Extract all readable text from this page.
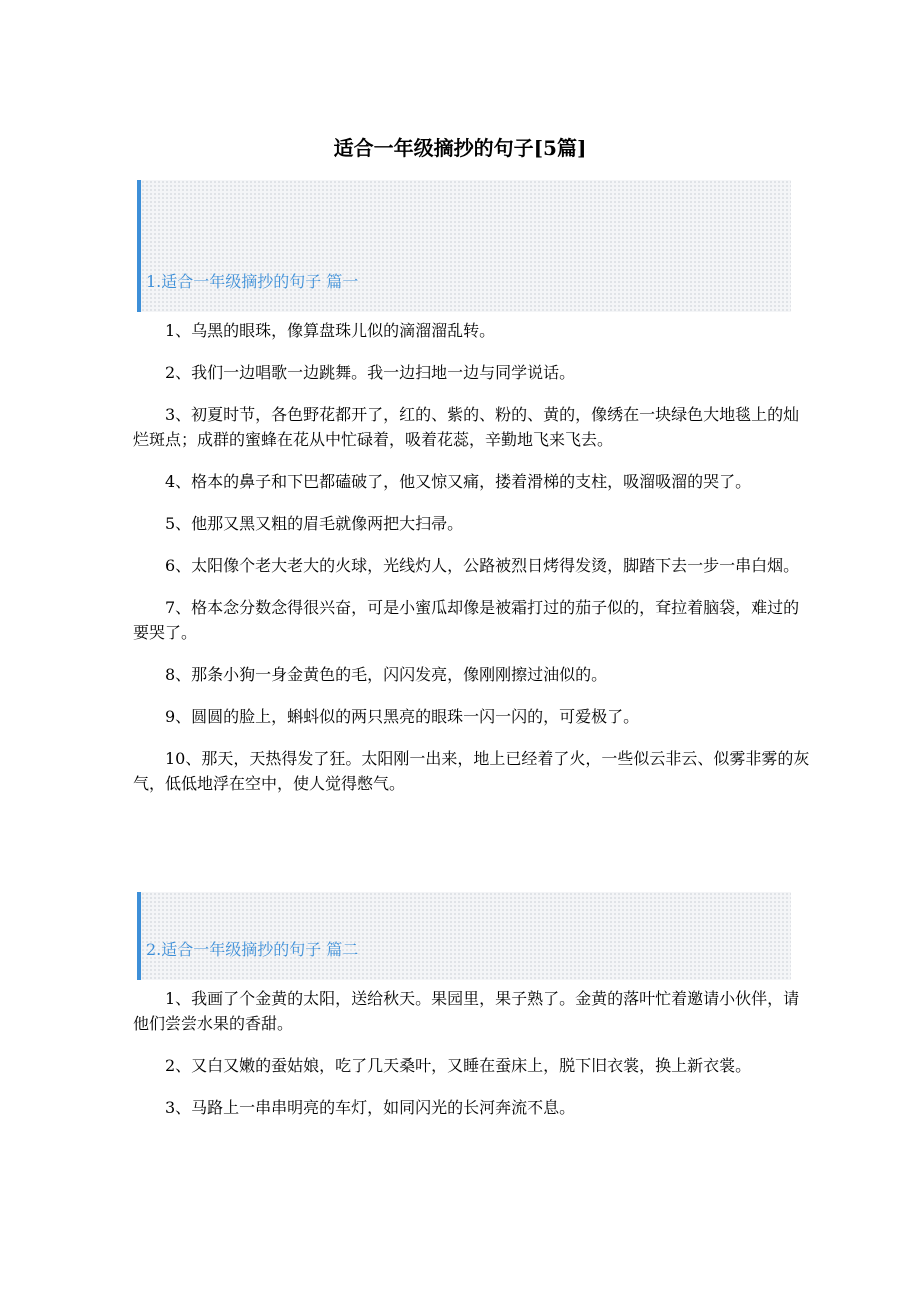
适合一年级摘抄的句子[5篇]
1.适合一年级摘抄的句子 篇一
1、乌黑的眼珠，像算盘珠儿似的滴溜溜乱转。
2、我们一边唱歌一边跳舞。我一边扫地一边与同学说话。
3、初夏时节，各色野花都开了，红的、紫的、粉的、黄的，像绣在一块绿色大地毯上的灿烂斑点；成群的蜜蜂在花从中忙碌着，吸着花蕊，辛勤地飞来飞去。
4、格本的鼻子和下巴都磕破了，他又惊又痛，搂着滑梯的支柱，吸溜吸溜的哭了。
5、他那又黑又粗的眉毛就像两把大扫帚。
6、太阳像个老大老大的火球，光线灼人，公路被烈日烤得发烫，脚踏下去一步一串白烟。
7、格本念分数念得很兴奋，可是小蜜瓜却像是被霜打过的茄子似的，耷拉着脑袋，难过的要哭了。
8、那条小狗一身金黄色的毛，闪闪发亮，像刚刚擦过油似的。
9、圆圆的脸上，蝌蚪似的两只黑亮的眼珠一闪一闪的，可爱极了。
10、那天，天热得发了狂。太阳刚一出来，地上已经着了火，一些似云非云、似雾非雾的灰气，低低地浮在空中，使人觉得憋气。
2.适合一年级摘抄的句子 篇二
1、我画了个金黄的太阳，送给秋天。果园里，果子熟了。金黄的落叶忙着邀请小伙伴，请他们尝尝水果的香甜。
2、又白又嫩的蚕姑娘，吃了几天桑叶，又睡在蚕床上，脱下旧衣裳，换上新衣裳。
3、马路上一串串明亮的车灯，如同闪光的长河奔流不息。
